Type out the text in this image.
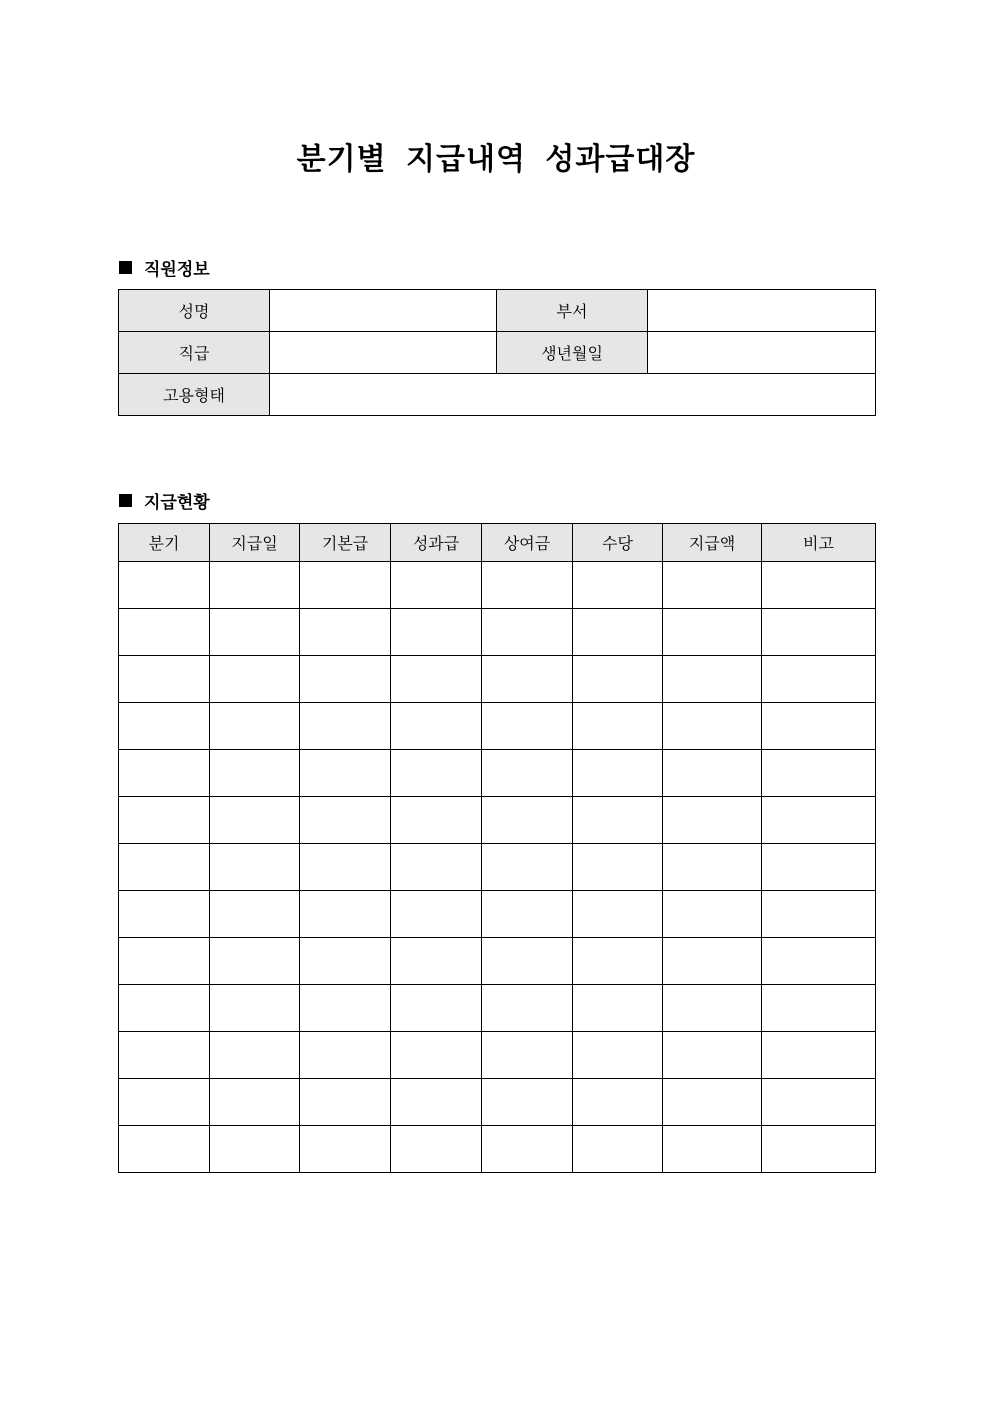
분기별 지급내역 성과급대장
직원정보
성명		부서	
직급		생년월일	
고용형태			
지급현황
분기	지급일	기본급	성과급	상여금	수당	지급액	비고
